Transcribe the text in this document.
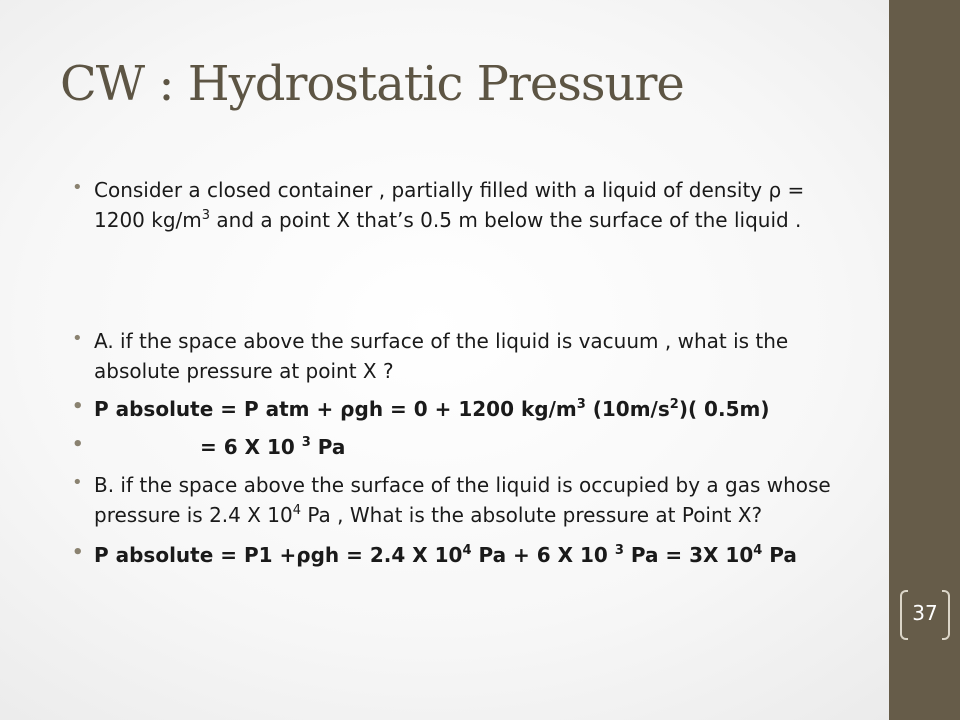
CW : Hydrostatic Pressure
• Consider a closed container , partially filled with a liquid of density ρ = 1200 $kg/m^3$ and a point X that’s 0.5 m below the surface of the liquid .
• A. if the space above the surface of the liquid is vacuum , what is the absolute pressure at point X ?
• P absolute = P atm + ρgh = 0 + 1200 $kg/m^3$ $(10m/s^2)$( 0.5m)
•	= 6 X 10 $^3$ Pa
• B. if the space above the surface of the liquid is occupied by a gas whose pressure is 2.4 X $10^4$ Pa , What is the absolute pressure at Point X?
• P absolute = P1 +ρgh = 2.4 X $10^4$ Pa + 6 X 10 $^3$ Pa = 3X $10^4$ Pa
37
